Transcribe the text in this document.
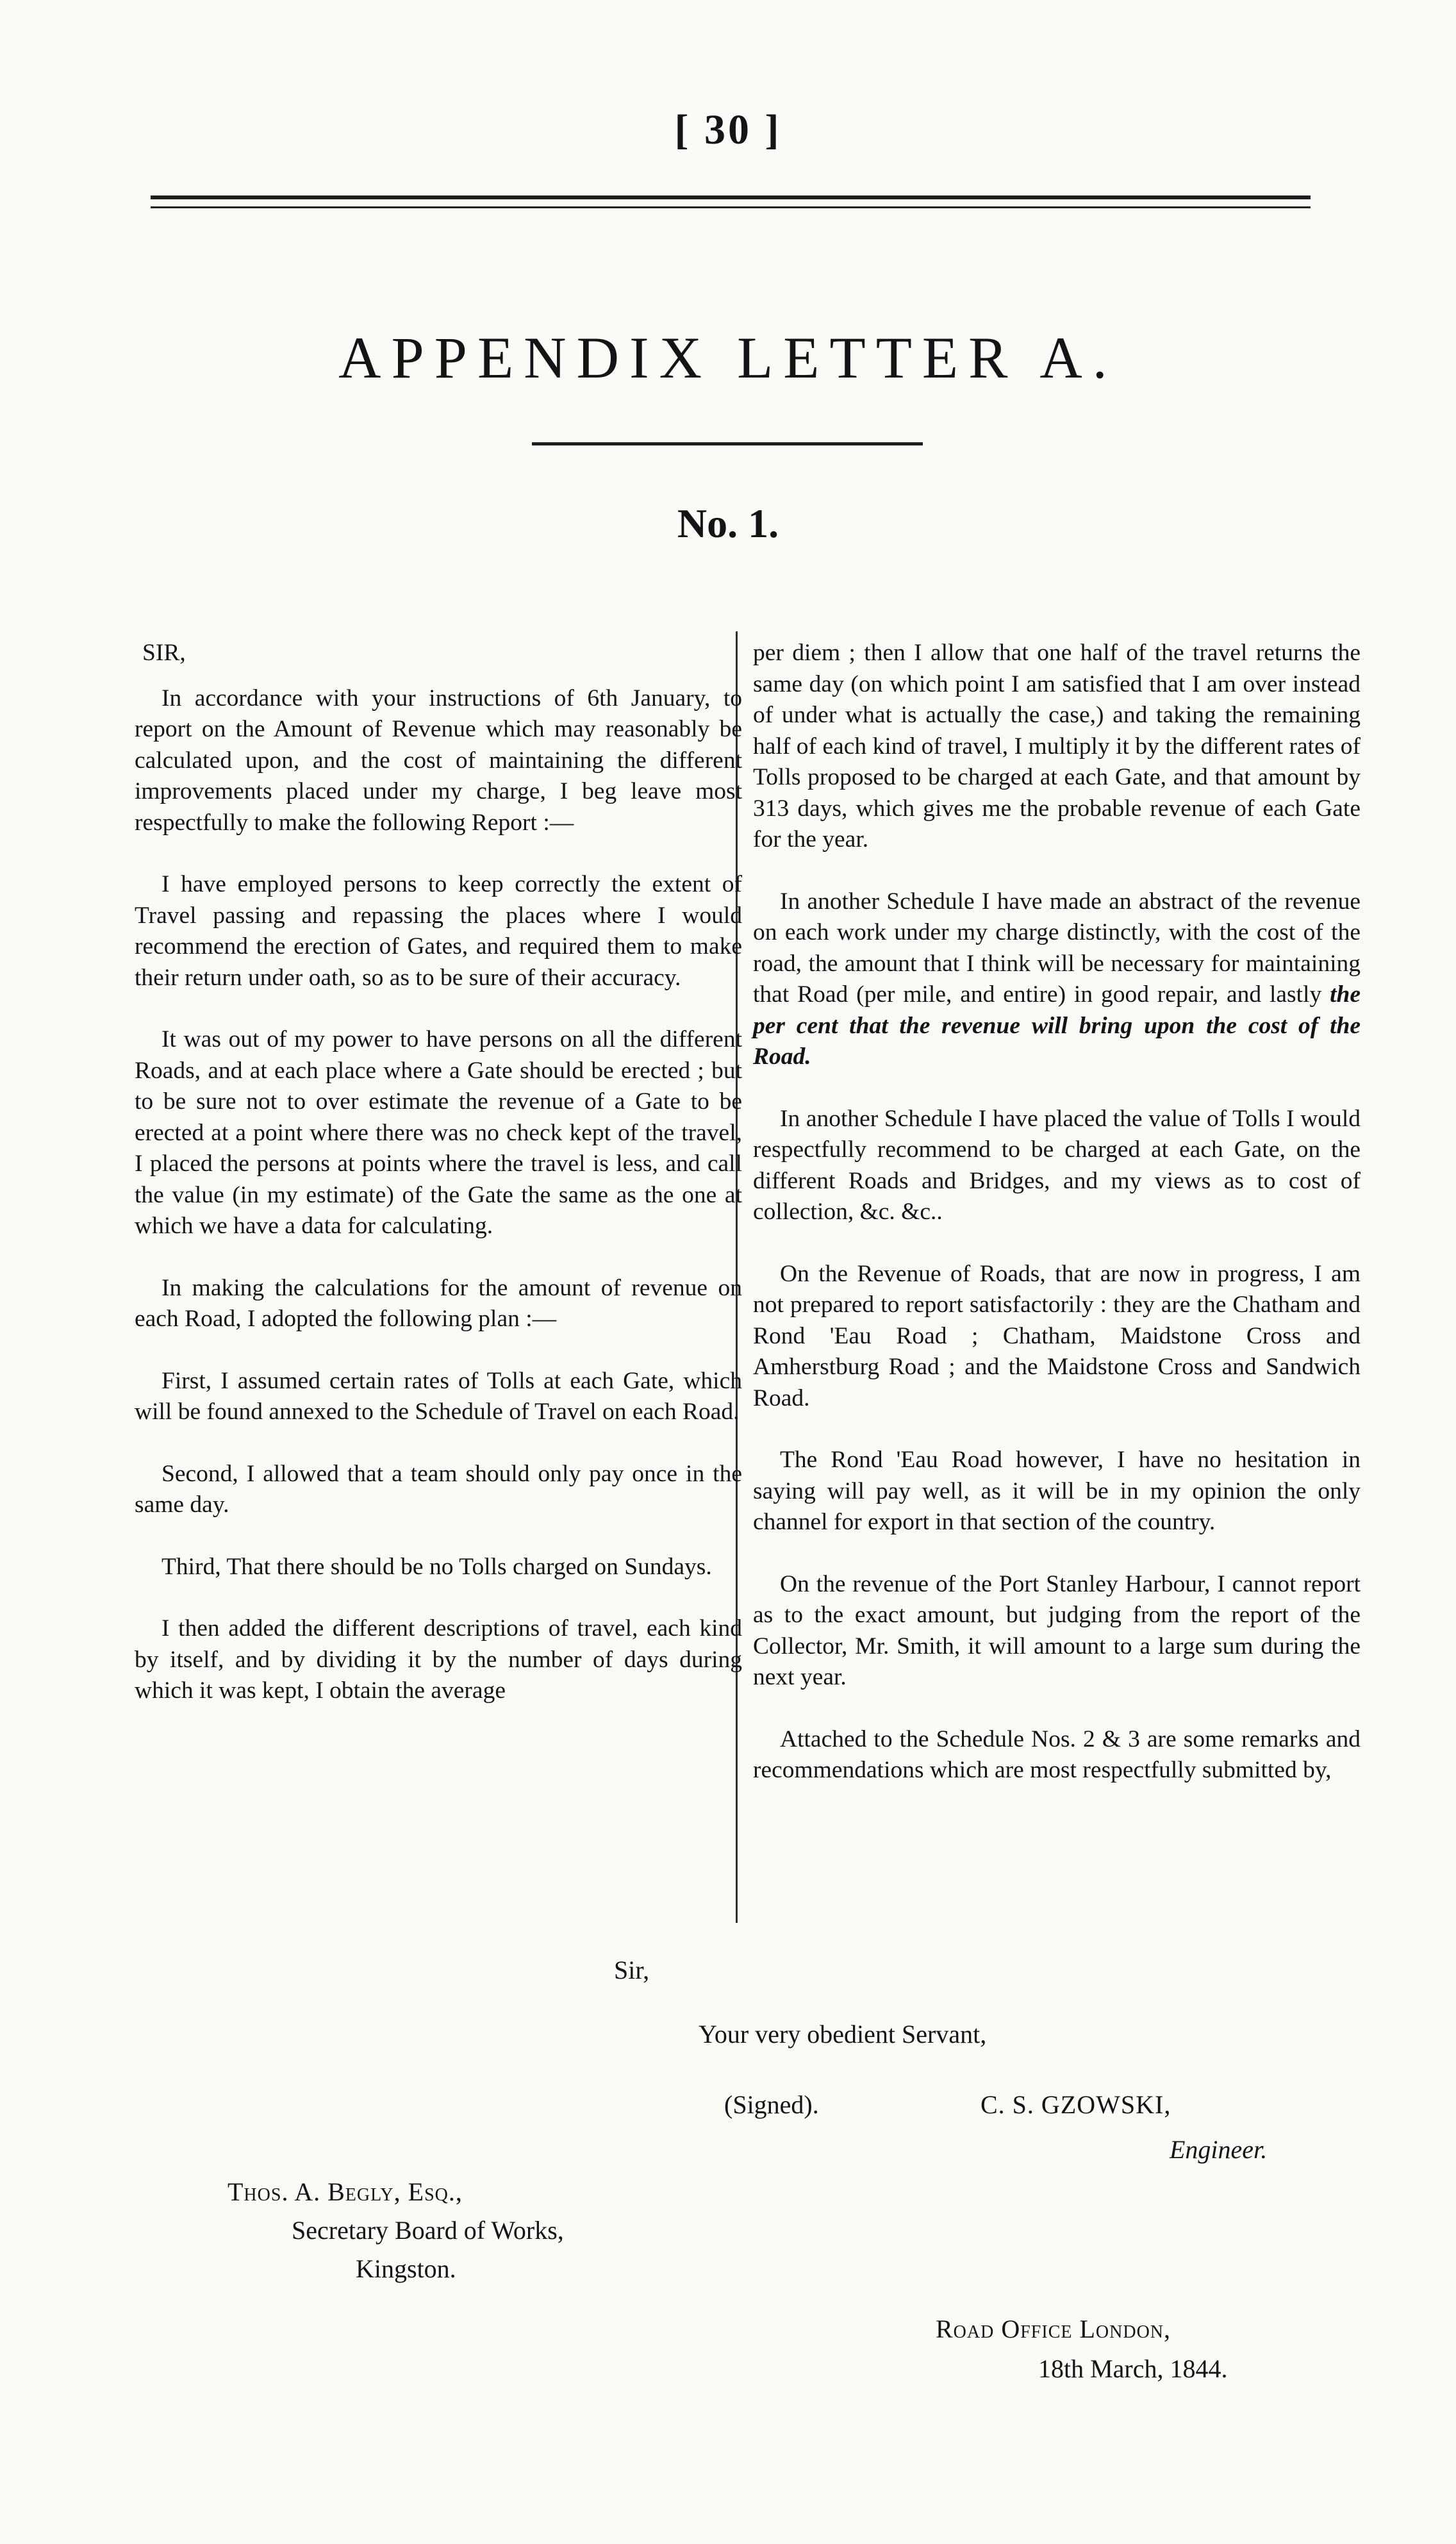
[ 30 ]
APPENDIX LETTER A.
No. 1.

SIR,

In accordance with your instructions of 6th January, to report on the Amount of Revenue which may reasonably be calculated upon, and the cost of maintaining the different improvements placed under my charge, I beg leave most respectfully to make the following Report :—

I have employed persons to keep correctly the extent of Travel passing and repassing the places where I would recommend the erection of Gates, and required them to make their return under oath, so as to be sure of their accuracy.

It was out of my power to have persons on all the different Roads, and at each place where a Gate should be erected ; but to be sure not to over estimate the revenue of a Gate to be erected at a point where there was no check kept of the travel, I placed the persons at points where the travel is less, and call the value (in my estimate) of the Gate the same as the one at which we have a data for calculating.

In making the calculations for the amount of revenue on each Road, I adopted the following plan :—

First, I assumed certain rates of Tolls at each Gate, which will be found annexed to the Schedule of Travel on each Road.

Second, I allowed that a team should only pay once in the same day.

Third, That there should be no Tolls charged on Sundays.

I then added the different descriptions of travel, each kind by itself, and by dividing it by the number of days during which it was kept, I obtain the average

per diem ; then I allow that one half of the travel returns the same day (on which point I am satisfied that I am over instead of under what is actually the case,) and taking the remaining half of each kind of travel, I multiply it by the different rates of Tolls proposed to be charged at each Gate, and that amount by 313 days, which gives me the probable revenue of each Gate for the year.

In another Schedule I have made an abstract of the revenue on each work under my charge distinctly, with the cost of the road, the amount that I think will be necessary for maintaining that Road (per mile, and entire) in good repair, and lastly the per cent that the revenue will bring upon the cost of the Road.

In another Schedule I have placed the value of Tolls I would respectfully recommend to be charged at each Gate, on the different Roads and Bridges, and my views as to cost of collection, &c. &c..

On the Revenue of Roads, that are now in progress, I am not prepared to report satisfactorily : they are the Chatham and Rond 'Eau Road ; Chatham, Maidstone Cross and Amherstburg Road ; and the Maidstone Cross and Sandwich Road.

The Rond 'Eau Road however, I have no hesitation in saying will pay well, as it will be in my opinion the only channel for export in that section of the country.

On the revenue of the Port Stanley Harbour, I cannot report as to the exact amount, but judging from the report of the Collector, Mr. Smith, it will amount to a large sum during the next year.

Attached to the Schedule Nos. 2 & 3 are some remarks and recommendations which are most respectfully submitted by,

Sir,
Your very obedient Servant,
(Signed).	C. S. GZOWSKI,
Engineer.
Thos. A. Begly, Esq.,
Secretary Board of Works,
Kingston.
Road Office London,
18th March, 1844.
